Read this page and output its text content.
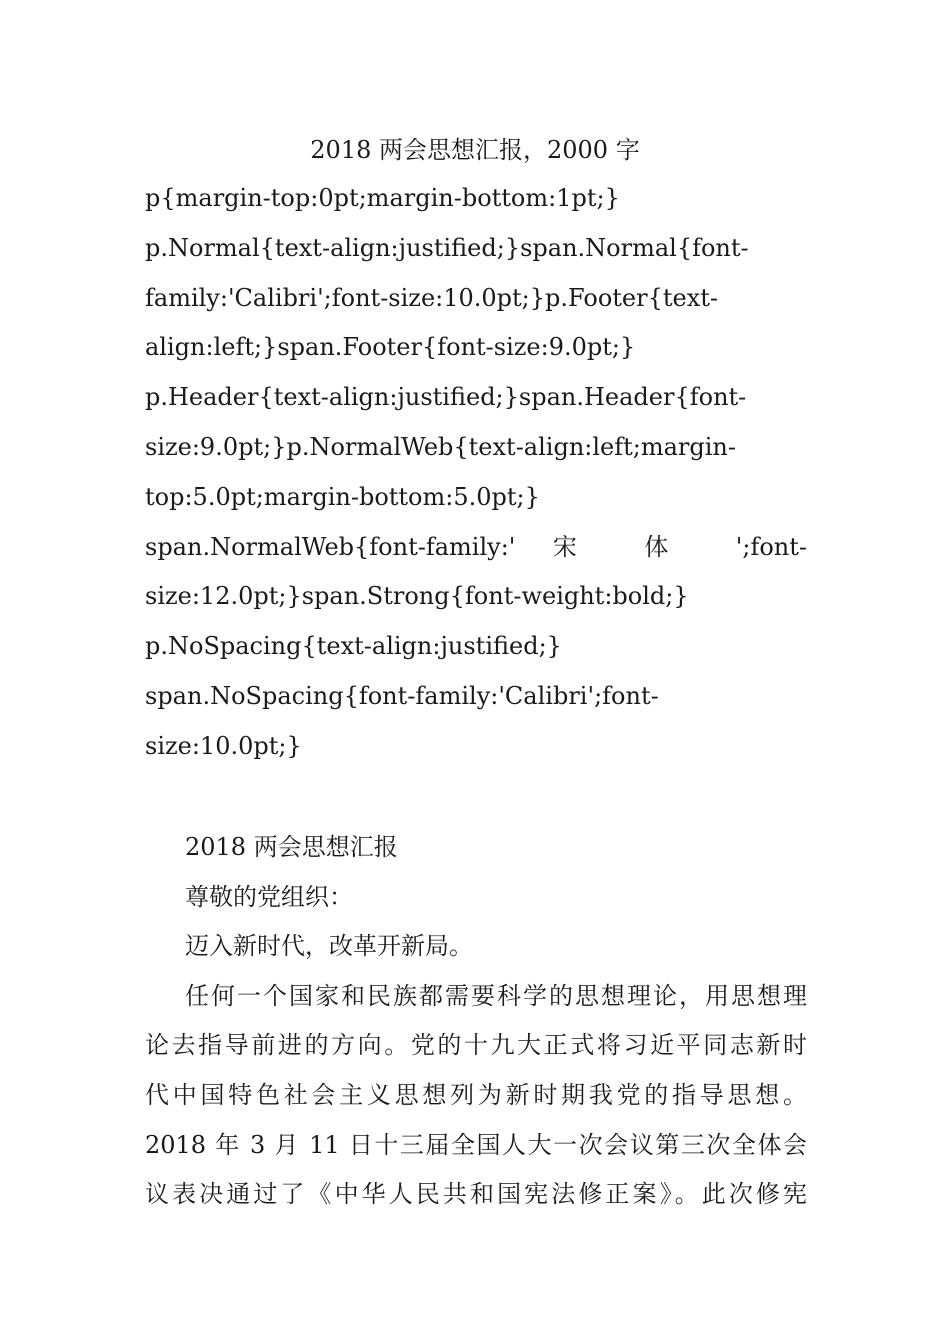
2018 两会思想汇报，2000 字

p{margin-top:0pt;margin-bottom:1pt;}
p.Normal{text-align:justified;}span.Normal{font-
family:'Calibri';font-size:10.0pt;}p.Footer{text-
align:left;}span.Footer{font-size:9.0pt;}
p.Header{text-align:justified;}span.Header{font-
size:9.0pt;}p.NormalWeb{text-align:left;margin-
top:5.0pt;margin-bottom:5.0pt;}
span.NormalWeb{font-family:' 宋 体 ';font-
size:12.0pt;}span.Strong{font-weight:bold;}
p.NoSpacing{text-align:justified;}
span.NoSpacing{font-family:'Calibri';font-
size:10.0pt;}

2018 两会思想汇报

尊敬的党组织：

迈入新时代，改革开新局。

任何一个国家和民族都需要科学的思想理论，用思想理
论去指导前进的方向。党的十九大正式将习近平同志新时
代中国特色社会主义思想列为新时期我党的指导思想。
2018 年 3 月 11 日十三届全国人大一次会议第三次全体会
议表决通过了《中华人民共和国宪法修正案》。此次修宪
